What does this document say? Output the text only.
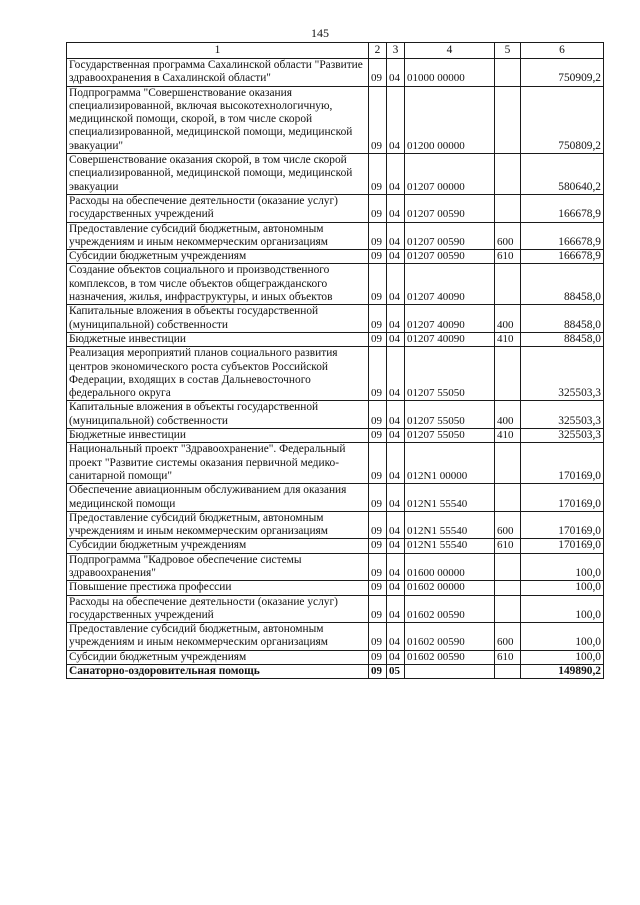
145
1	2	3	4	5	6
Государственная программа Сахалинской области "Развитие здравоохранения в Сахалинской области"	09	04	01000 00000		750909,2
Подпрограмма "Совершенствование оказания специализированной, включая высокотехнологичную, медицинской помощи, скорой, в том числе скорой специализированной, медицинской помощи, медицинской эвакуации"	09	04	01200 00000		750809,2
Совершенствование оказания скорой, в том числе скорой специализированной, медицинской помощи, медицинской эвакуации	09	04	01207 00000		580640,2
Расходы на обеспечение деятельности (оказание услуг) государственных учреждений	09	04	01207 00590		166678,9
Предоставление субсидий бюджетным, автономным учреждениям и иным некоммерческим организациям	09	04	01207 00590	600	166678,9
Субсидии бюджетным учреждениям	09	04	01207 00590	610	166678,9
Создание объектов социального и производственного комплексов, в том числе объектов общегражданского назначения, жилья, инфраструктуры, и иных объектов	09	04	01207 40090		88458,0
Капитальные вложения в объекты государственной (муниципальной) собственности	09	04	01207 40090	400	88458,0
Бюджетные инвестиции	09	04	01207 40090	410	88458,0
Реализация мероприятий планов социального развития центров экономического роста субъектов Российской Федерации, входящих в состав Дальневосточного федерального округа	09	04	01207 55050		325503,3
Капитальные вложения в объекты государственной (муниципальной) собственности	09	04	01207 55050	400	325503,3
Бюджетные инвестиции	09	04	01207 55050	410	325503,3
Национальный проект "Здравоохранение". Федеральный проект "Развитие системы оказания первичной медико-санитарной помощи"	09	04	012N1 00000		170169,0
Обеспечение авиационным обслуживанием для оказания медицинской помощи	09	04	012N1 55540		170169,0
Предоставление субсидий бюджетным, автономным учреждениям и иным некоммерческим организациям	09	04	012N1 55540	600	170169,0
Субсидии бюджетным учреждениям	09	04	012N1 55540	610	170169,0
Подпрограмма "Кадровое обеспечение системы здравоохранения"	09	04	01600 00000		100,0
Повышение престижа профессии	09	04	01602 00000		100,0
Расходы на обеспечение деятельности (оказание услуг) государственных учреждений	09	04	01602 00590		100,0
Предоставление субсидий бюджетным, автономным учреждениям и иным некоммерческим организациям	09	04	01602 00590	600	100,0
Субсидии бюджетным учреждениям	09	04	01602 00590	610	100,0
Санаторно-оздоровительная помощь	09	05			149890,2
